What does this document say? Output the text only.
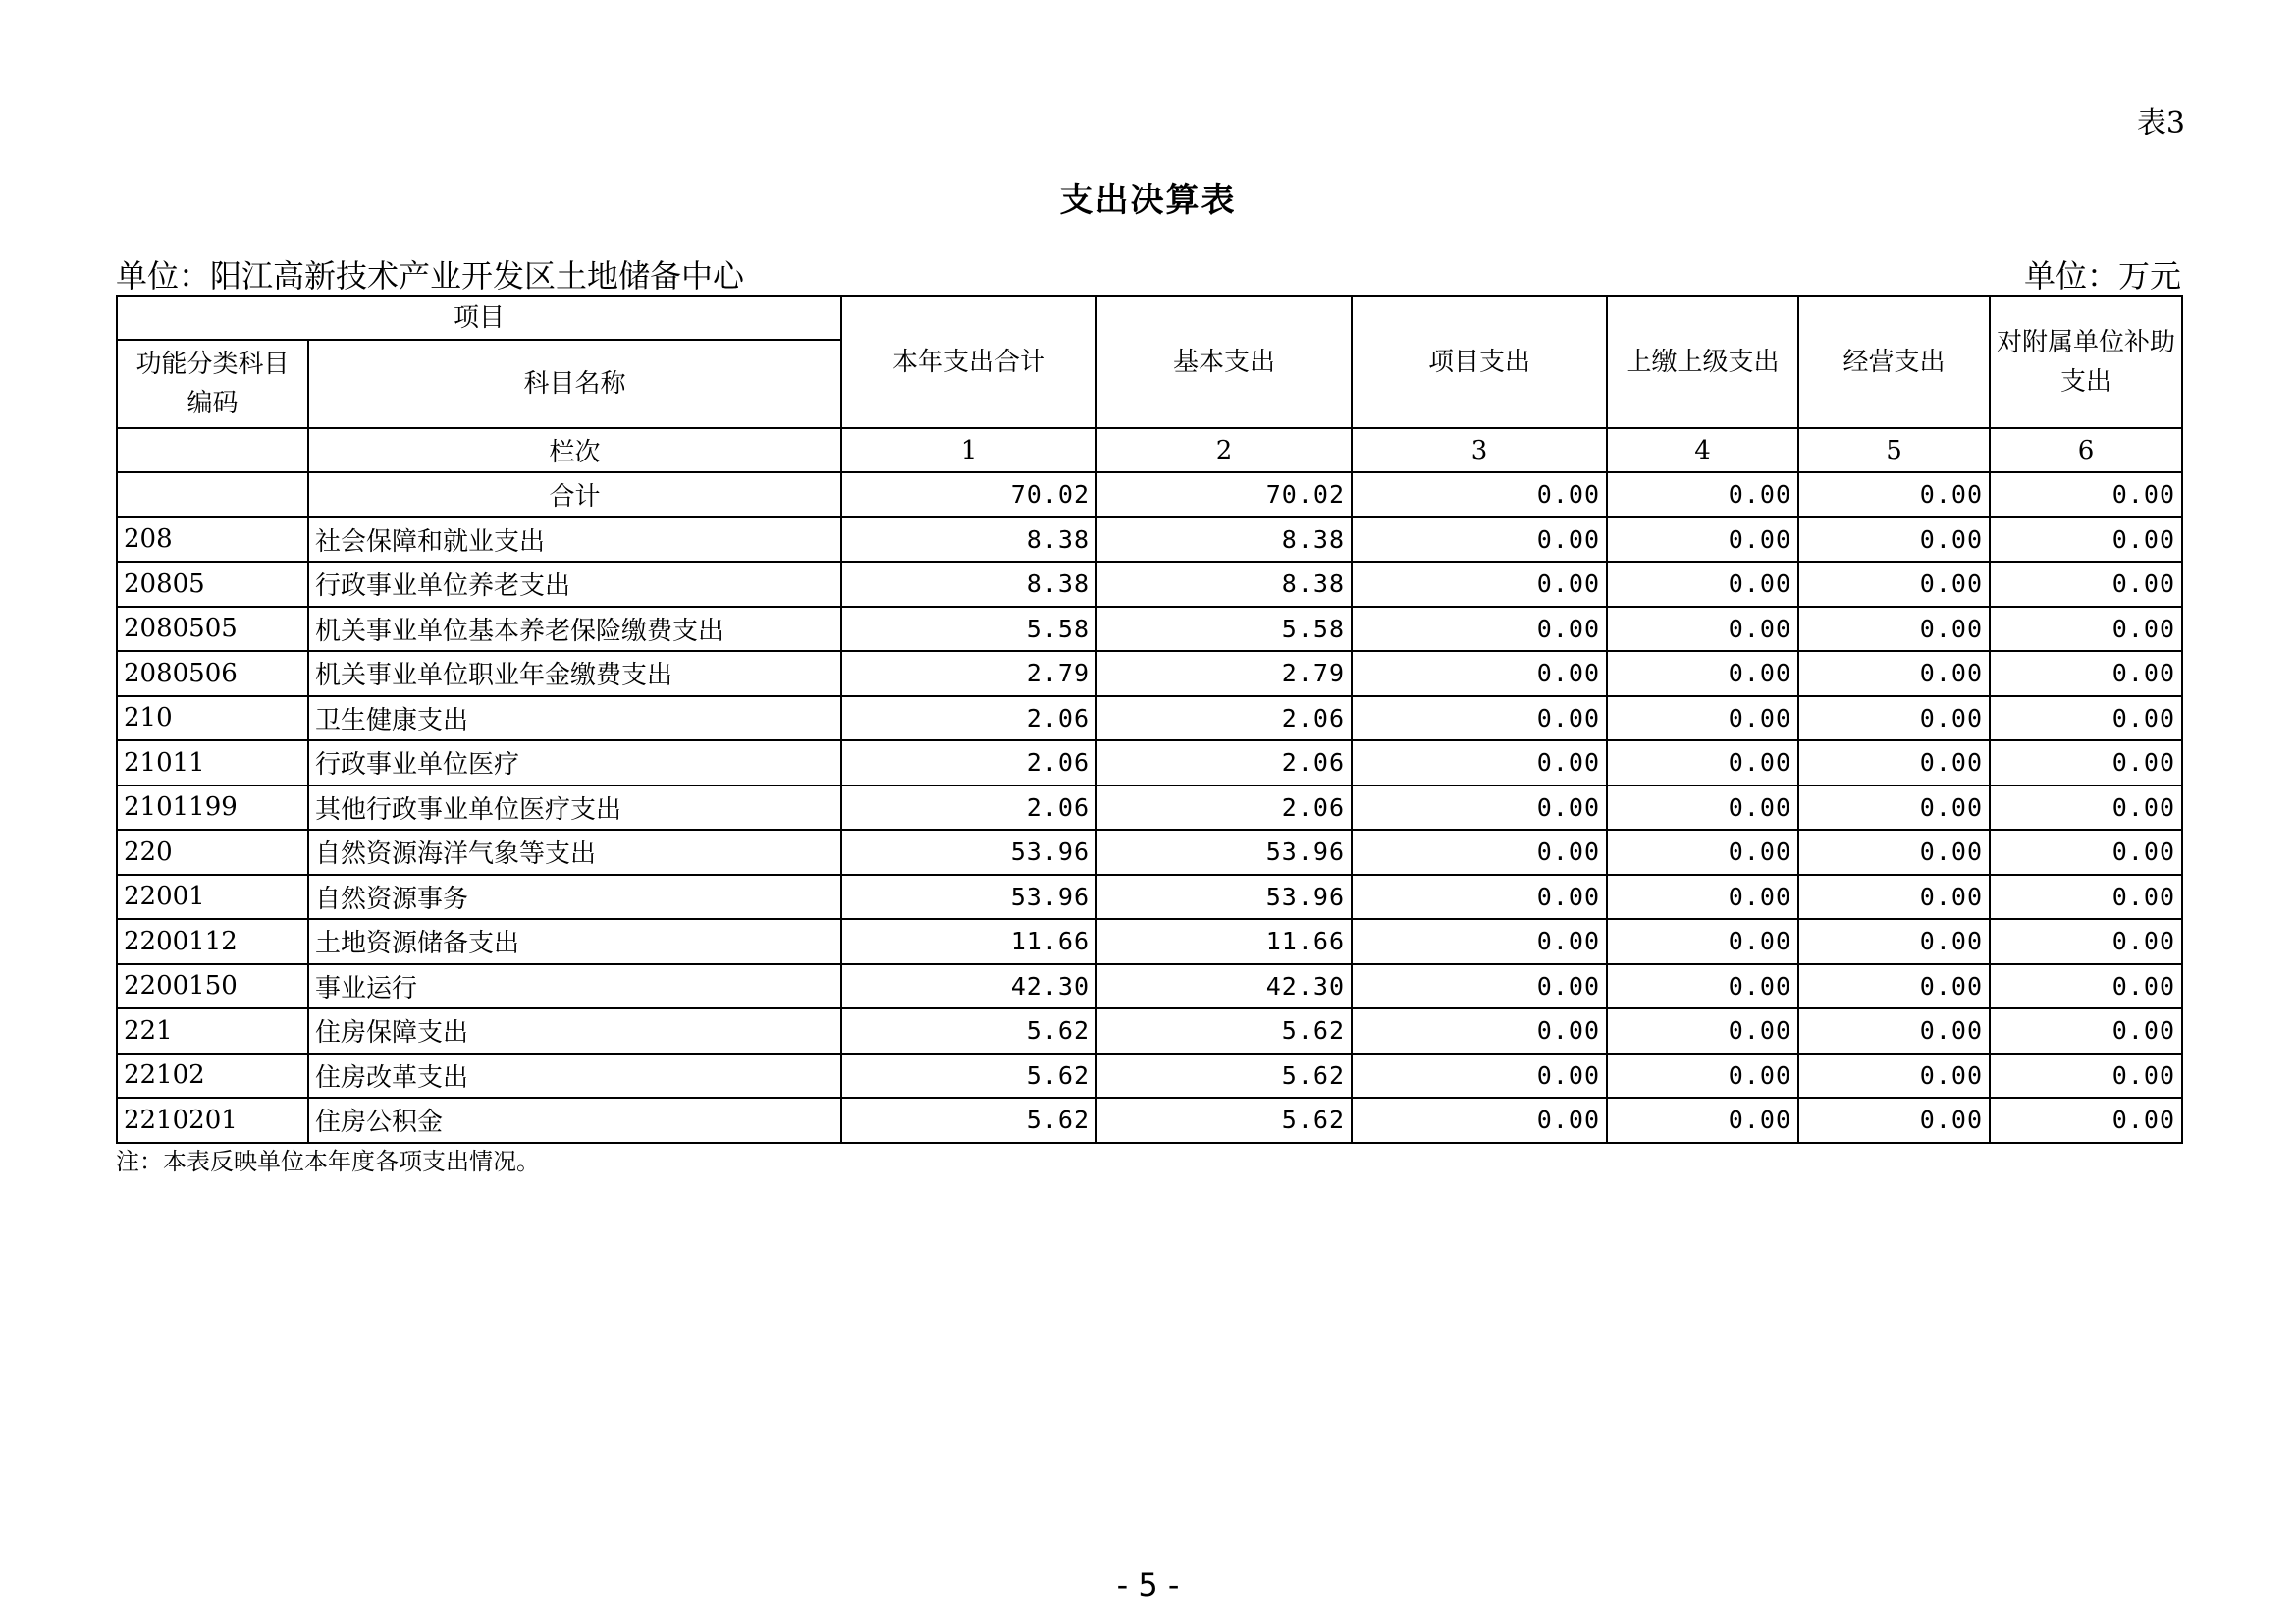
表3
支出决算表
单位：阳江高新技术产业开发区土地储备中心	单位：万元
项目		本年支出合计	基本支出	项目支出	上缴上级支出	经营支出	对附属单位补助支出
功能分类科目编码	科目名称						
	栏次	1	2	3	4	5	6
	合计	70.02	70.02	0.00	0.00	0.00	0.00
208	社会保障和就业支出	8.38	8.38	0.00	0.00	0.00	0.00
20805	行政事业单位养老支出	8.38	8.38	0.00	0.00	0.00	0.00
2080505	机关事业单位基本养老保险缴费支出	5.58	5.58	0.00	0.00	0.00	0.00
2080506	机关事业单位职业年金缴费支出	2.79	2.79	0.00	0.00	0.00	0.00
210	卫生健康支出	2.06	2.06	0.00	0.00	0.00	0.00
21011	行政事业单位医疗	2.06	2.06	0.00	0.00	0.00	0.00
2101199	其他行政事业单位医疗支出	2.06	2.06	0.00	0.00	0.00	0.00
220	自然资源海洋气象等支出	53.96	53.96	0.00	0.00	0.00	0.00
22001	自然资源事务	53.96	53.96	0.00	0.00	0.00	0.00
2200112	土地资源储备支出	11.66	11.66	0.00	0.00	0.00	0.00
2200150	事业运行	42.30	42.30	0.00	0.00	0.00	0.00
221	住房保障支出	5.62	5.62	0.00	0.00	0.00	0.00
22102	住房改革支出	5.62	5.62	0.00	0.00	0.00	0.00
2210201	住房公积金	5.62	5.62	0.00	0.00	0.00	0.00
注：本表反映单位本年度各项支出情况。
- 5 -
